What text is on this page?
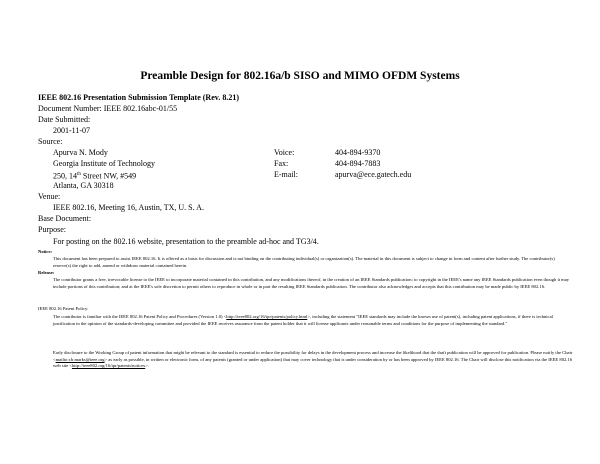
Preamble Design for 802.16a/b SISO and MIMO OFDM Systems
IEEE 802.16 Presentation Submission Template (Rev. 8.21)
Document Number: IEEE 802.16abc-01/55
Date Submitted:
2001-11-07
Source:
Apurva N. Mody
Georgia Institute of Technology
250, 14th Street NW, #549
Atlanta, GA 30318
Voice:	404-894-9370
Fax:	404-894-7883
E-mail:	apurva@ece.gatech.edu
Venue:
IEEE 802.16, Meeting 16, Austin, TX, U. S. A.
Base Document:
Purpose:
For posting on the 802.16 website, presentation to the preamble ad-hoc and TG3/4.
Notice:
This document has been prepared to assist IEEE 802.16. It is offered as a basis for discussion and is not binding on the contributing individual(s) or organization(s). The material in this document is subject to change in form and content after further study. The contributor(s) reserve(s) the right to add, amend or withdraw material contained herein.
Release:
The contributor grants a free, irrevocable license to the IEEE to incorporate material contained in this contribution, and any modifications thereof, in the creation of an IEEE Standards publication; to copyright in the IEEE's name any IEEE Standards publication even though it may include portions of this contribution; and at the IEEE's sole discretion to permit others to reproduce in whole or in part the resulting IEEE Standards publication. The contributor also acknowledges and accepts that this contribution may be made public by IEEE 802.16.
IEEE 802.16 Patent Policy:
The contributor is familiar with the IEEE 802.16 Patent Policy and Procedures (Version 1.0) <http://ieee802.org/16/ipr/patents/policy.html>, including the statement "IEEE standards may include the known use of patent(s), including patent applications, if there is technical justification in the opinion of the standards-developing committee and provided the IEEE receives assurance from the patent holder that it will license applicants under reasonable terms and conditions for the purpose of implementing the standard."
Early disclosure to the Working Group of patent information that might be relevant to the standard is essential to reduce the possibility for delays in the development process and increase the likelihood that the draft publication will be approved for publication. Please notify the Chair <mailto:r.b.marks@ieee.org> as early as possible, in written or electronic form, of any patents (granted or under application) that may cover technology that is under consideration by or has been approved by IEEE 802.16. The Chair will disclose this notification via the IEEE 802.16 web site <http://ieee802.org/16/ipr/patents/notices>.
